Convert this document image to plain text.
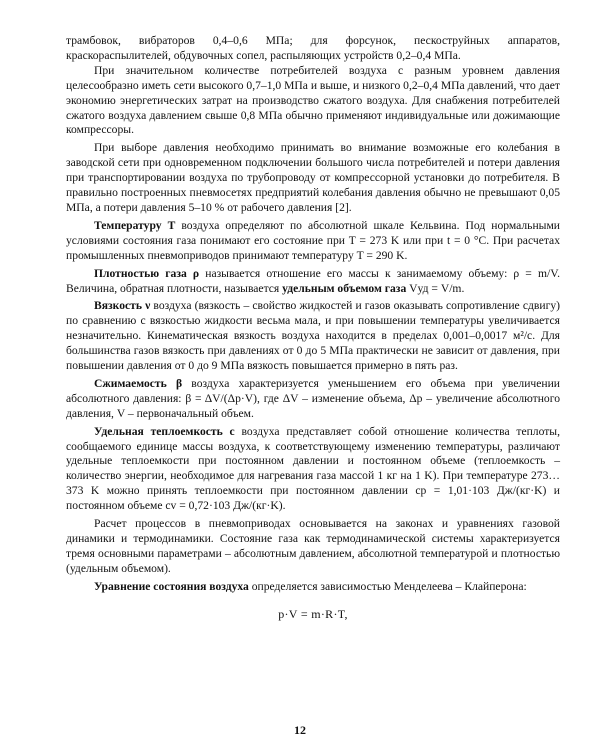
трамбовок, вибраторов 0,4–0,6 МПа; для форсунок, пескоструйных аппаратов, краскораспылителей, обдувочных сопел, распыляющих устройств 0,2–0,4 МПа.

При значительном количестве потребителей воздуха с разным уровнем давления целесообразно иметь сети высокого 0,7–1,0 МПа и выше, и низкого 0,2–0,4 МПа давлений, что дает экономию энергетических затрат на производство сжатого воздуха. Для снабжения потребителей сжатого воздуха давлением свыше 0,8 МПа обычно применяют индивидуальные или дожимающие компрессоры.

При выборе давления необходимо принимать во внимание возможные его колебания в заводской сети при одновременном подключении большого числа потребителей и потери давления при транспортировании воздуха по трубопроводу от компрессорной установки до потребителя. В правильно построенных пневмосетях предприятий колебания давления обычно не превышают 0,05 МПа, а потери давления 5–10 % от рабочего давления [2].

Температуру T воздуха определяют по абсолютной шкале Кельвина. Под нормальными условиями состояния газа понимают его состояние при T = 273 K или при t = 0 °C. При расчетах промышленных пневмоприводов принимают температуру T = 290 K.

Плотностью газа ρ называется отношение его массы к занимаемому объему: ρ = m/V. Величина, обратная плотности, называется удельным объемом газа Vуд = V/m.

Вязкость ν воздуха (вязкость – свойство жидкостей и газов оказывать сопротивление сдвигу) по сравнению с вязкостью жидкости весьма мала, и при повышении температуры увеличивается незначительно. Кинематическая вязкость воздуха находится в пределах 0,001–0,0017 м²/с. Для большинства газов вязкость при давлениях от 0 до 5 МПа практически не зависит от давления, при повышении давления от 0 до 9 МПа вязкость повышается примерно в пять раз.

Сжимаемость β воздуха характеризуется уменьшением его объема при увеличении абсолютного давления: β = ΔV/(Δp·V), где ΔV – изменение объема, Δp – увеличение абсолютного давления, V – первоначальный объем.

Удельная теплоемкость c воздуха представляет собой отношение количества теплоты, сообщаемого единице массы воздуха, к соответствующему изменению температуры, различают удельные теплоемкости при постоянном давлении и постоянном объеме (теплоемкость – количество энергии, необходимое для нагревания газа массой 1 кг на 1 K). При температуре 273…373 K можно принять теплоемкости при постоянном давлении cp = 1,01·103 Дж/(кг·K) и постоянном объеме cv = 0,72·103 Дж/(кг·K).

Расчет процессов в пневмоприводах основывается на законах и уравнениях газовой динамики и термодинамики. Состояние газа как термодинамической системы характеризуется тремя основными параметрами – абсолютным давлением, абсолютной температурой и плотностью (удельным объемом).

Уравнение состояния воздуха определяется зависимостью Менделеева – Клайперона:

p·V = m·R·T,
12
